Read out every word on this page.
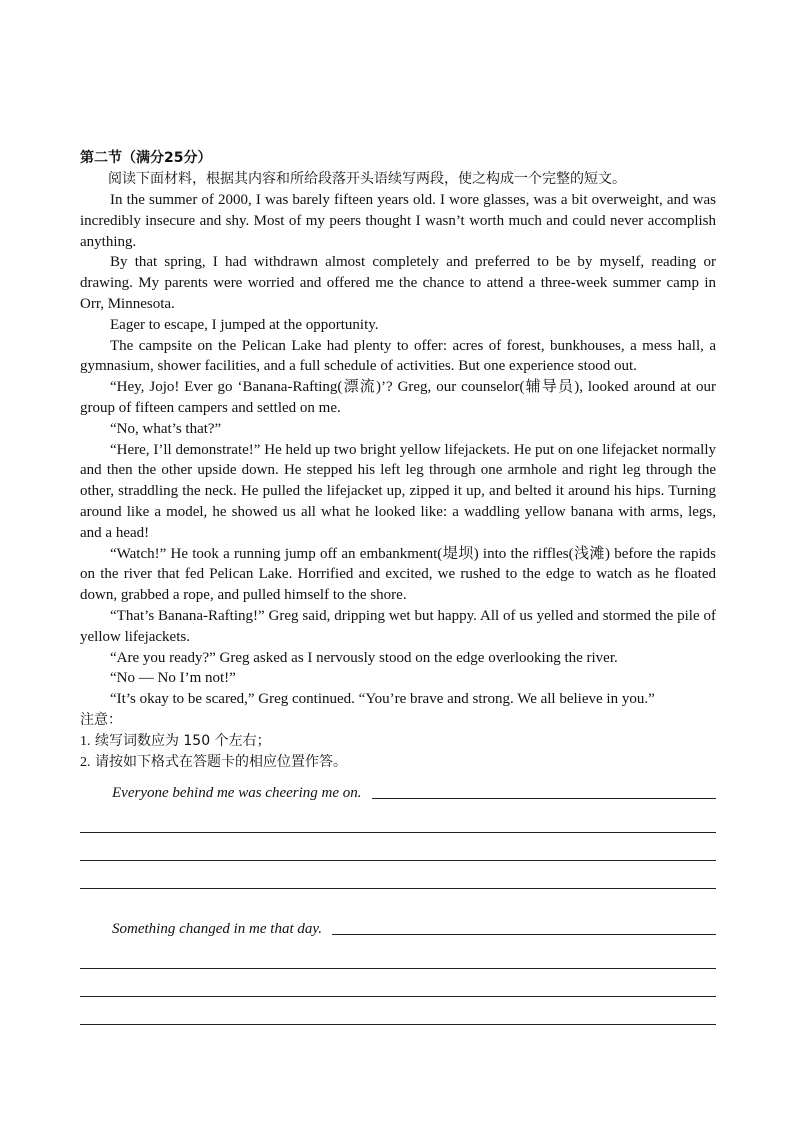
第二节（满分25分）

阅读下面材料，根据其内容和所给段落开头语续写两段，使之构成一个完整的短文。

In the summer of 2000, I was barely fifteen years old. I wore glasses, was a bit overweight, and was incredibly insecure and shy. Most of my peers thought I wasn’t worth much and could never accomplish anything.

By that spring, I had withdrawn almost completely and preferred to be by myself, reading or drawing. My parents were worried and offered me the chance to attend a three-week summer camp in Orr, Minnesota.

Eager to escape, I jumped at the opportunity.

The campsite on the Pelican Lake had plenty to offer: acres of forest, bunkhouses, a mess hall, a gymnasium, shower facilities, and a full schedule of activities. But one experience stood out.

“Hey, Jojo! Ever go ‘Banana-Rafting(漂流)’? Greg, our counselor(辅导员), looked around at our group of fifteen campers and settled on me.

“No, what’s that?”

“Here, I’ll demonstrate!” He held up two bright yellow lifejackets. He put on one lifejacket normally and then the other upside down. He stepped his left leg through one armhole and right leg through the other, straddling the neck. He pulled the lifejacket up, zipped it up, and belted it around his hips. Turning around like a model, he showed us all what he looked like: a waddling yellow banana with arms, legs, and a head!

“Watch!” He took a running jump off an embankment(堤坝) into the riffles(浅滩) before the rapids on the river that fed Pelican Lake. Horrified and excited, we rushed to the edge to watch as he floated down, grabbed a rope, and pulled himself to the shore.

“That’s Banana-Rafting!” Greg said, dripping wet but happy. All of us yelled and stormed the pile of yellow lifejackets.

“Are you ready?” Greg asked as I nervously stood on the edge overlooking the river.

“No — No I’m not!”

“It’s okay to be scared,” Greg continued. “You’re brave and strong. We all believe in you.”

注意：

1. 续写词数应为 150 个左右；

2. 请按如下格式在答题卡的相应位置作答。

Everyone behind me was cheering me on.
Something changed in me that day.
